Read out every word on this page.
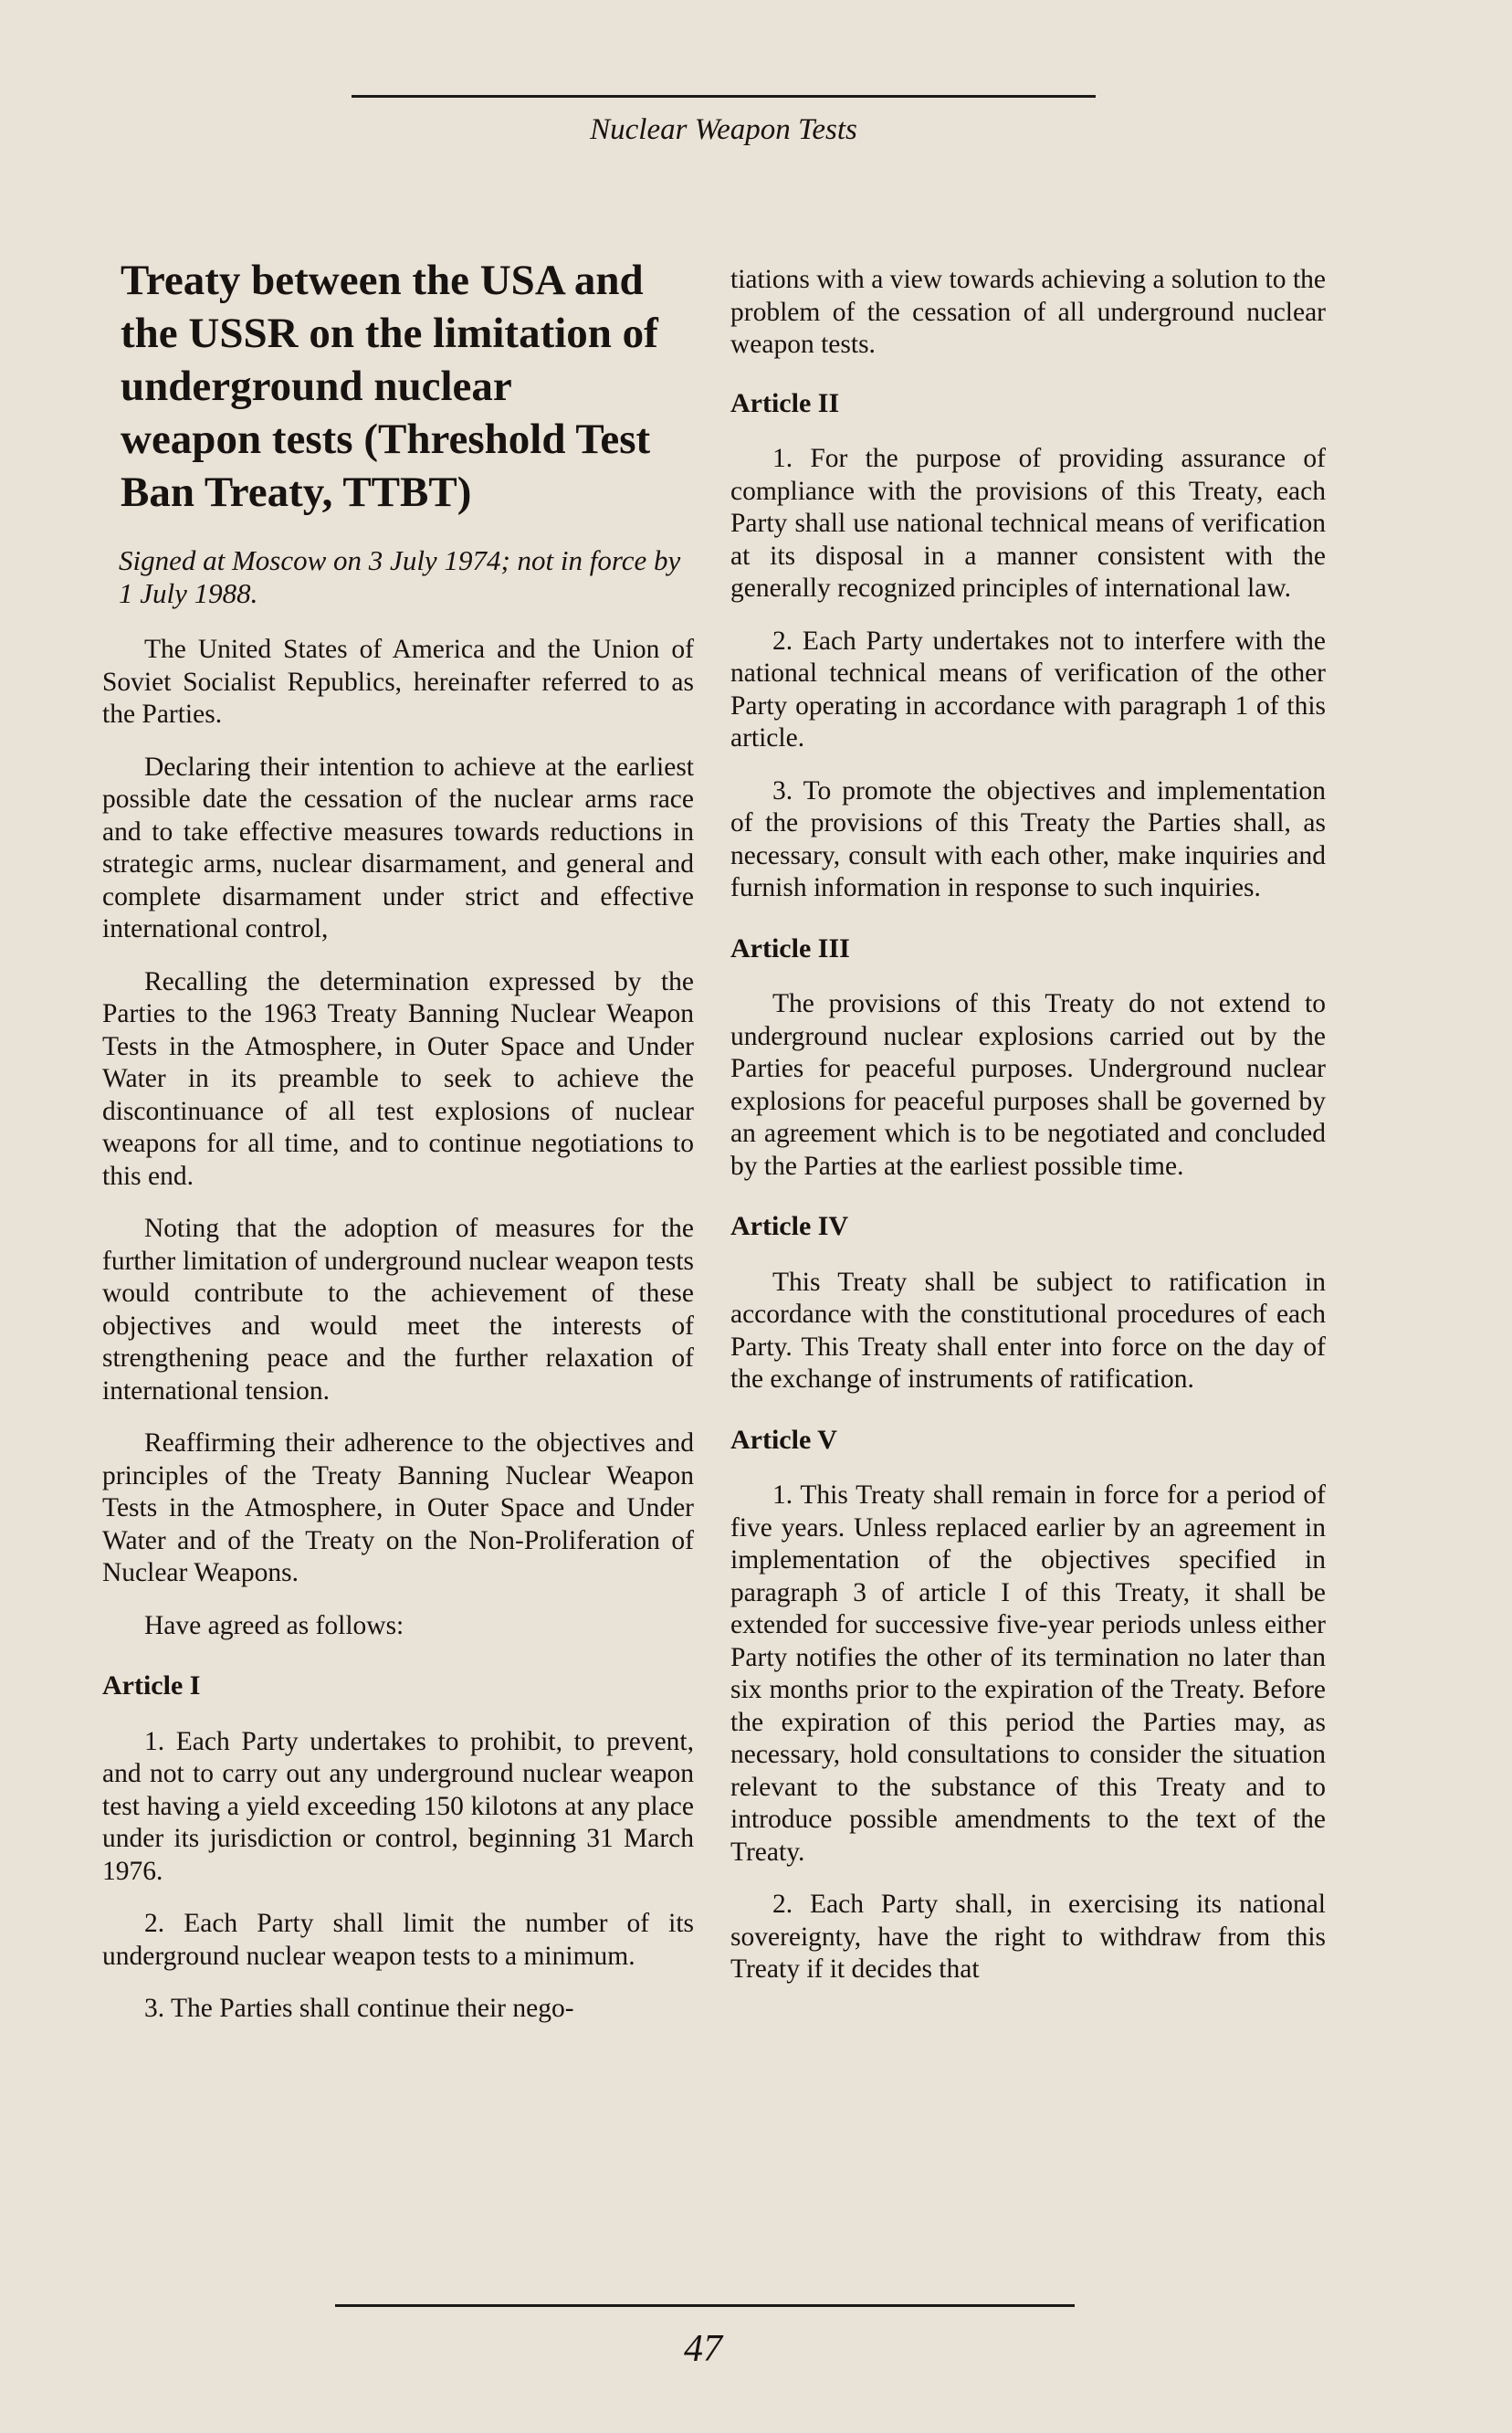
Nuclear Weapon Tests
Treaty between the USA and the USSR on the limitation of underground nuclear weapon tests (Threshold Test Ban Treaty, TTBT)
Signed at Moscow on 3 July 1974; not in force by 1 July 1988.

The United States of America and the Union of Soviet Socialist Republics, hereinafter referred to as the Parties.

Declaring their intention to achieve at the earliest possible date the cessation of the nuclear arms race and to take effective measures towards reductions in strategic arms, nuclear disarmament, and general and complete disarmament under strict and effective international control,

Recalling the determination expressed by the Parties to the 1963 Treaty Banning Nuclear Weapon Tests in the Atmosphere, in Outer Space and Under Water in its preamble to seek to achieve the discontinuance of all test explosions of nuclear weapons for all time, and to continue negotiations to this end.

Noting that the adoption of measures for the further limitation of underground nuclear weapon tests would contribute to the achievement of these objectives and would meet the interests of strengthening peace and the further relaxation of international tension.

Reaffirming their adherence to the objectives and principles of the Treaty Banning Nuclear Weapon Tests in the Atmosphere, in Outer Space and Under Water and of the Treaty on the Non-Proliferation of Nuclear Weapons.

Have agreed as follows:

Article I

1. Each Party undertakes to prohibit, to prevent, and not to carry out any underground nuclear weapon test having a yield exceeding 150 kilotons at any place under its jurisdiction or control, beginning 31 March 1976.

2. Each Party shall limit the number of its underground nuclear weapon tests to a minimum.

3. The Parties shall continue their nego-

tiations with a view towards achieving a solution to the problem of the cessation of all underground nuclear weapon tests.

Article II

1. For the purpose of providing assurance of compliance with the provisions of this Treaty, each Party shall use national technical means of verification at its disposal in a manner consistent with the generally recognized principles of international law.

2. Each Party undertakes not to interfere with the national technical means of verification of the other Party operating in accordance with paragraph 1 of this article.

3. To promote the objectives and implementation of the provisions of this Treaty the Parties shall, as necessary, consult with each other, make inquiries and furnish information in response to such inquiries.

Article III

The provisions of this Treaty do not extend to underground nuclear explosions carried out by the Parties for peaceful purposes. Underground nuclear explosions for peaceful purposes shall be governed by an agreement which is to be negotiated and concluded by the Parties at the earliest possible time.

Article IV

This Treaty shall be subject to ratification in accordance with the constitutional procedures of each Party. This Treaty shall enter into force on the day of the exchange of instruments of ratification.

Article V

1. This Treaty shall remain in force for a period of five years. Unless replaced earlier by an agreement in implementation of the objectives specified in paragraph 3 of article I of this Treaty, it shall be extended for successive five-year periods unless either Party notifies the other of its termination no later than six months prior to the expiration of the Treaty. Before the expiration of this period the Parties may, as necessary, hold consultations to consider the situation relevant to the substance of this Treaty and to introduce possible amendments to the text of the Treaty.

2. Each Party shall, in exercising its national sovereignty, have the right to withdraw from this Treaty if it decides that

47
